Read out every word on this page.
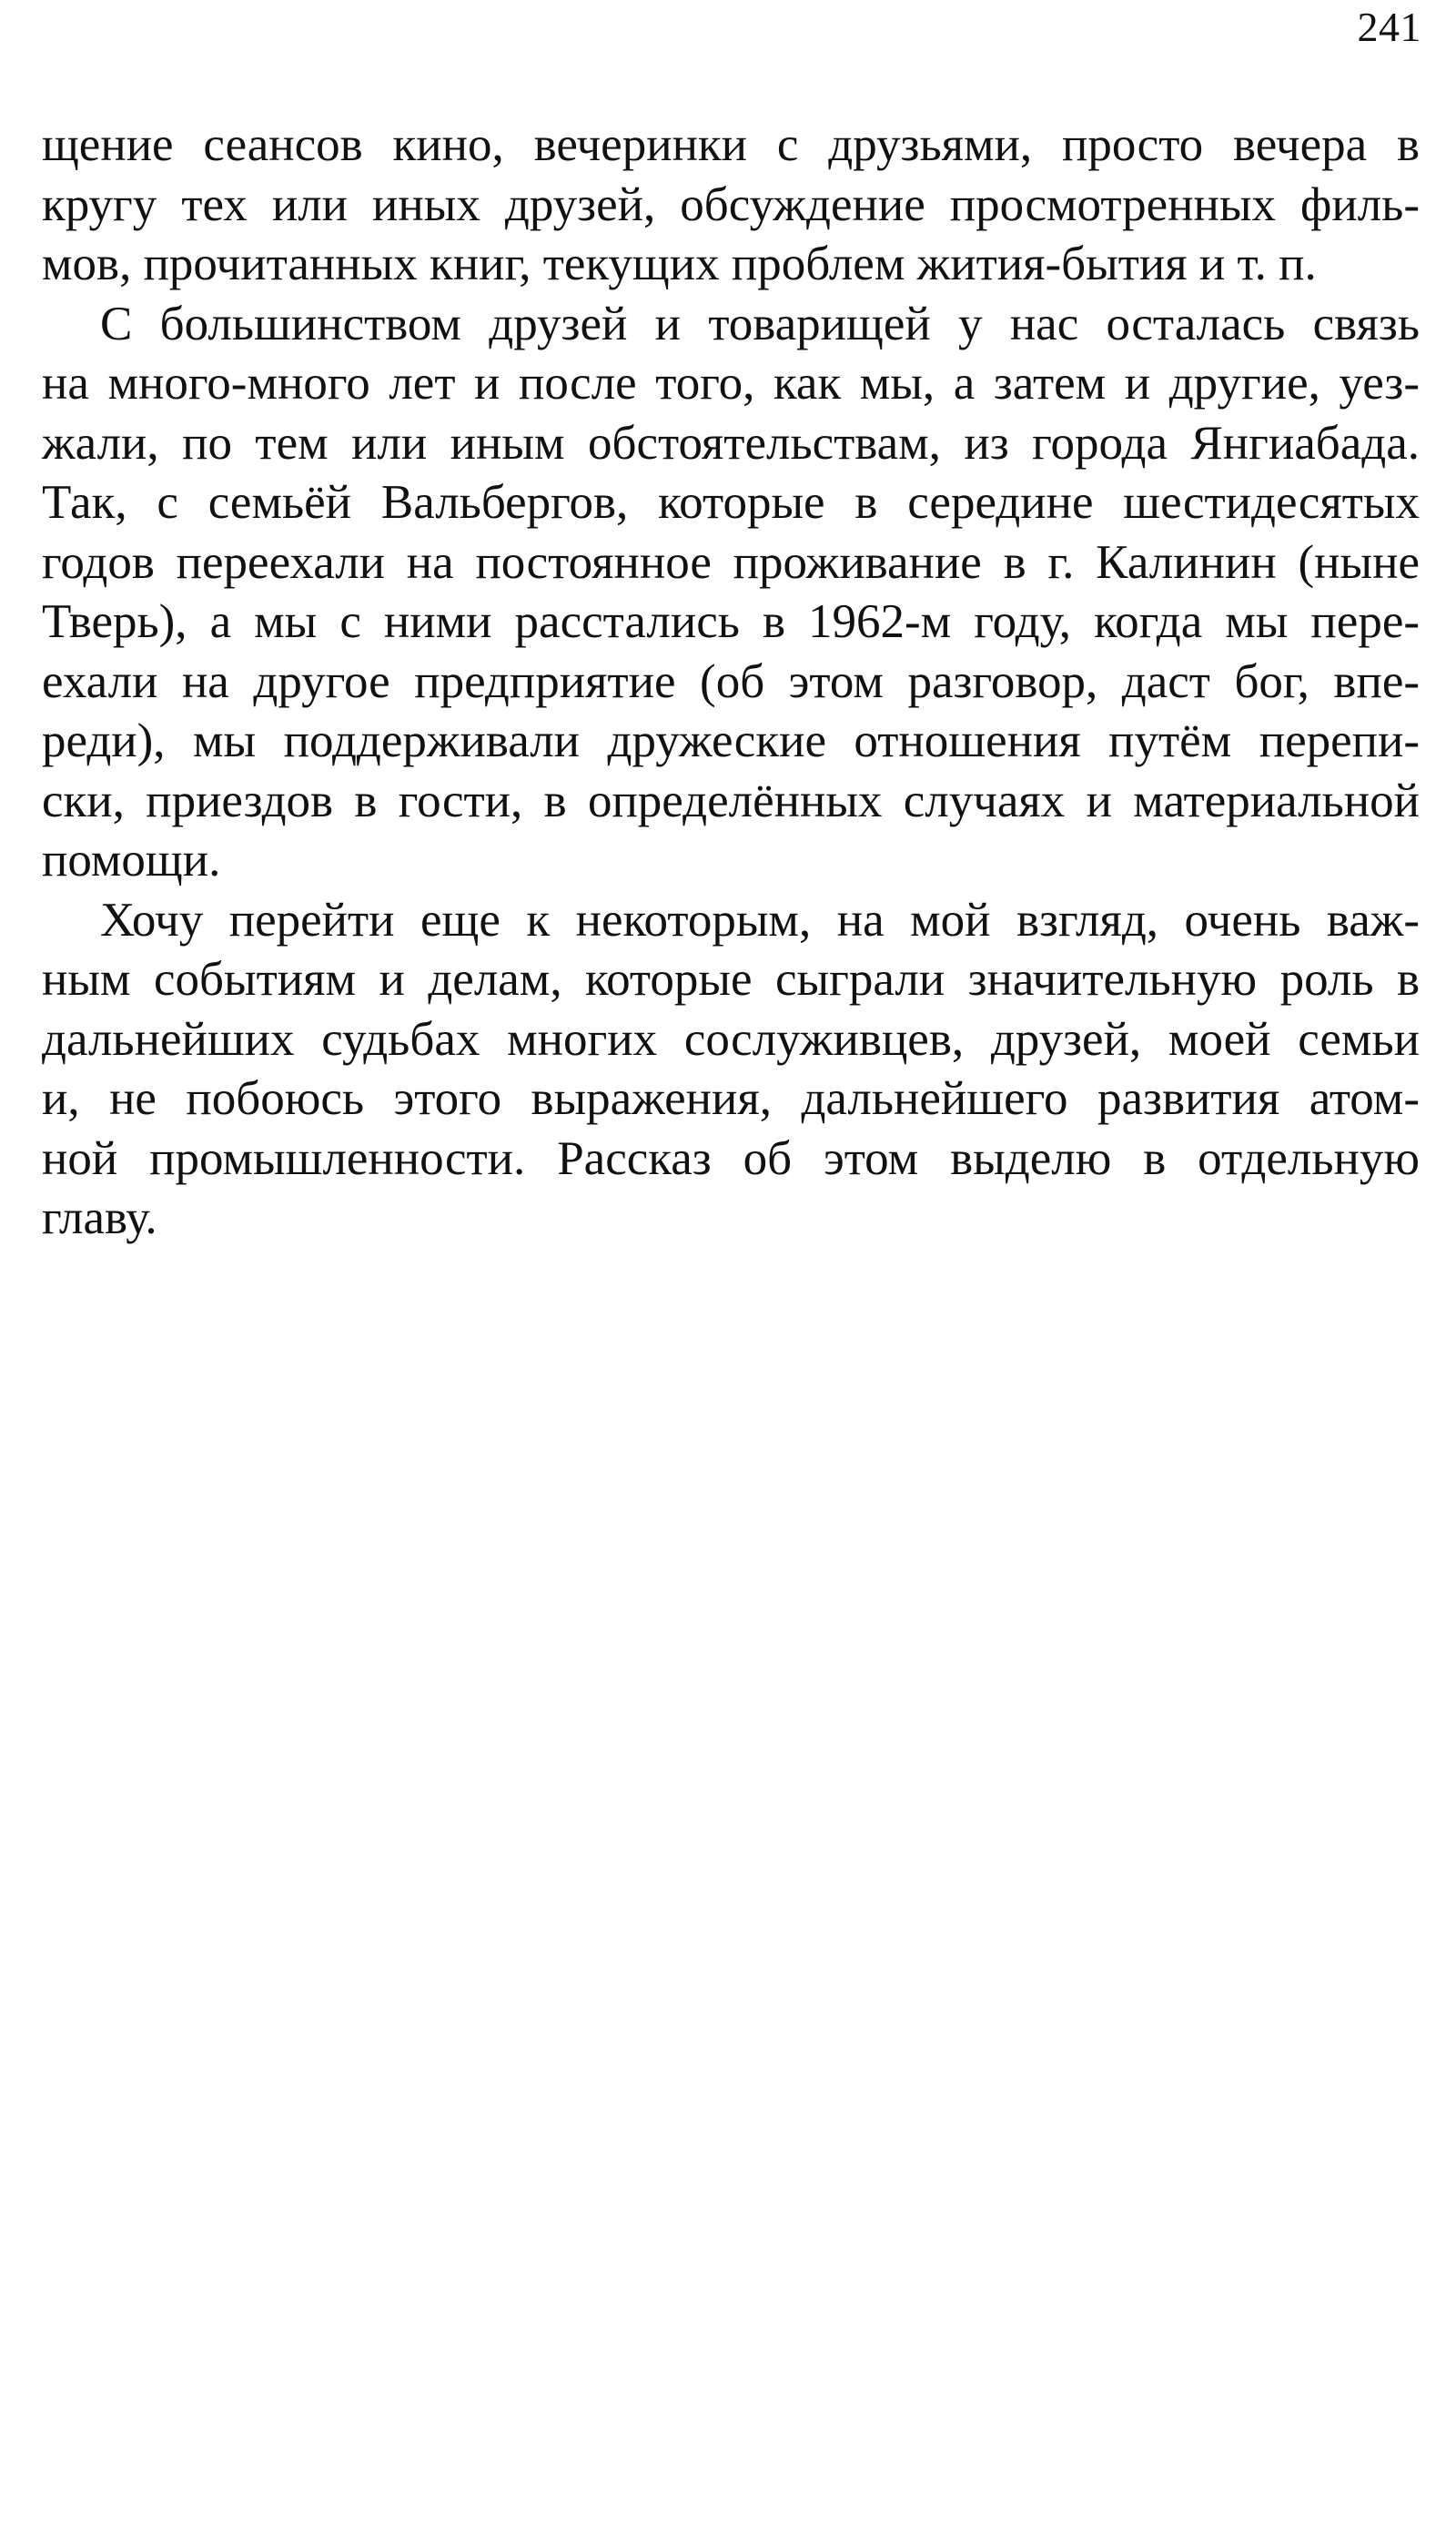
241
щение сеансов кино, вечеринки с друзьями, просто вечера в
кругу тех или иных друзей, обсуждение просмотренных филь-
мов, прочитанных книг, текущих проблем жития-бытия и т. п.
С большинством друзей и товарищей у нас осталась связь
на много-много лет и после того, как мы, а затем и другие, уез-
жали, по тем или иным обстоятельствам, из города Янгиабада.
Так, с семьёй Вальбергов, которые в середине шестидесятых
годов переехали на постоянное проживание в г. Калинин (ныне
Тверь), а мы с ними расстались в 1962-м году, когда мы пере-
ехали на другое предприятие (об этом разговор, даст бог, впе-
реди), мы поддерживали дружеские отношения путём перепи-
ски, приездов в гости, в определённых случаях и материальной
помощи.
Хочу перейти еще к некоторым, на мой взгляд, очень важ-
ным событиям и делам, которые сыграли значительную роль в
дальнейших судьбах многих сослуживцев, друзей, моей семьи
и, не побоюсь этого выражения, дальнейшего развития атом-
ной промышленности. Рассказ об этом выделю в отдельную
главу.
